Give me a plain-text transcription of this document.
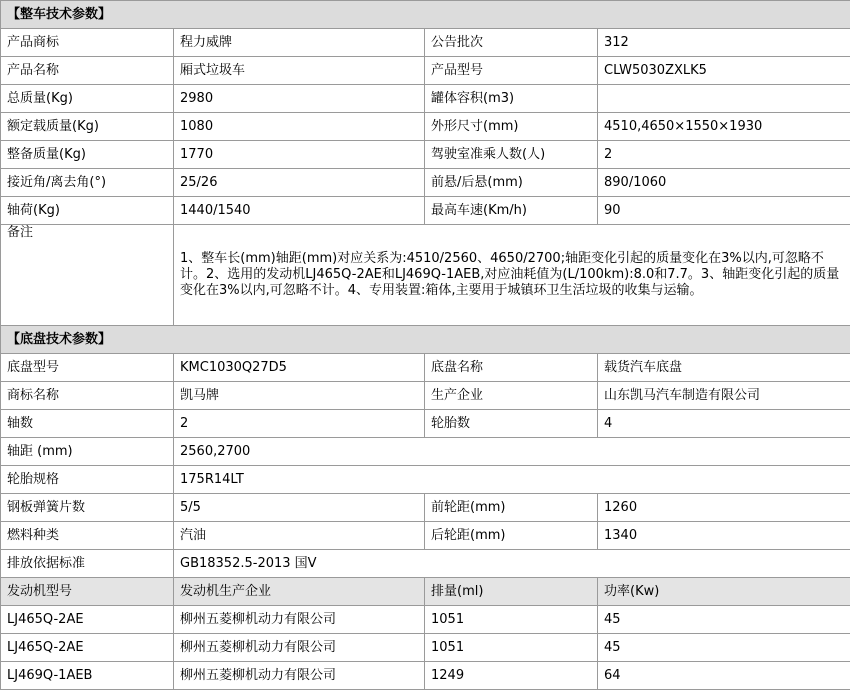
【整车技术参数】			
产品商标	程力威牌	公告批次	312
产品名称	厢式垃圾车	产品型号	CLW5030ZXLK5
总质量(Kg)	2980	罐体容积(m3)	
额定载质量(Kg)	1080	外形尺寸(mm)	4510,4650×1550×1930
整备质量(Kg)	1770	驾驶室准乘人数(人)	2
接近角/离去角(°)	25/26	前悬/后悬(mm)	890/1060
轴荷(Kg)	1440/1540	最高车速(Km/h)	90
备注	1、整车长(mm)轴距(mm)对应关系为:4510/2560、4650/2700;轴距变化引起的质量变化在3%以内,可忽略不计。2、选用的发动机LJ465Q-2AE和LJ469Q-1AEB,对应油耗值为(L/100km):8.0和7.7。3、轴距变化引起的质量变化在3%以内,可忽略不计。4、专用装置:箱体,主要用于城镇环卫生活垃圾的收集与运输。		
【底盘技术参数】			
底盘型号	KMC1030Q27D5	底盘名称	载货汽车底盘
商标名称	凯马牌	生产企业	山东凯马汽车制造有限公司
轴数	2	轮胎数	4
轴距 (mm)	2560,2700		
轮胎规格	175R14LT		
钢板弹簧片数	5/5	前轮距(mm)	1260
燃料种类	汽油	后轮距(mm)	1340
排放依据标准	GB18352.5-2013 国V		
发动机型号	发动机生产企业	排量(ml)	功率(Kw)
LJ465Q-2AE	柳州五菱柳机动力有限公司	1051	45
LJ465Q-2AE	柳州五菱柳机动力有限公司	1051	45
LJ469Q-1AEB	柳州五菱柳机动力有限公司	1249	64
